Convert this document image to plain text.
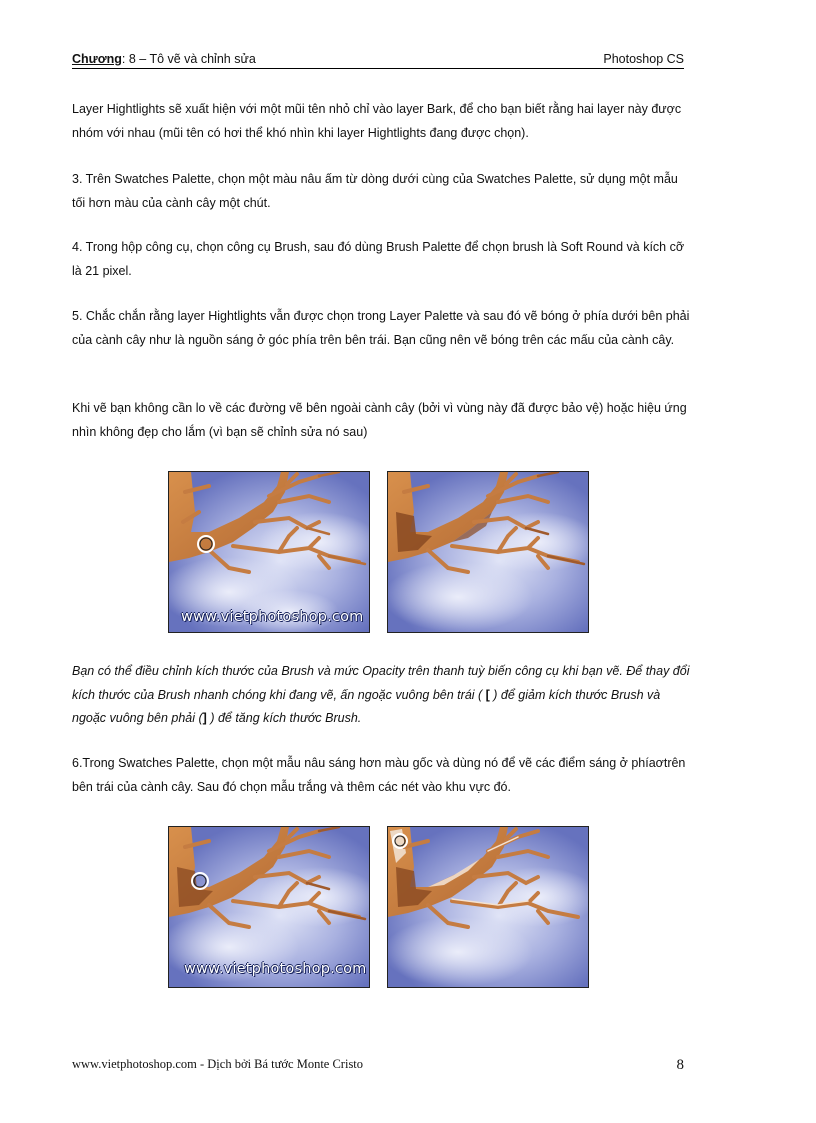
Chương: 8 – Tô vẽ và chỉnh sửa	Photoshop CS

Layer Hightlights sẽ xuất hiện với một mũi tên nhỏ chỉ vào layer Bark, để cho bạn biết rằng hai layer này được nhóm với nhau (mũi tên có hơi thể khó nhìn khi layer Hightlights đang được chọn).

3. Trên Swatches Palette, chọn một màu nâu ấm từ dòng dưới cùng của Swatches Palette, sử dụng một mẫu tối hơn màu của cành cây một chút.

4. Trong hộp công cụ, chọn công cụ Brush, sau đó dùng Brush Palette để chọn brush là Soft Round và kích cỡ là 21 pixel.

5. Chắc chắn rằng layer Hightlights vẫn được chọn trong Layer Palette và sau đó vẽ bóng ở phía dưới bên phải của cành cây như là nguồn sáng ở góc phía trên bên trái. Bạn cũng nên vẽ bóng trên các mấu của cành cây.

Khi vẽ bạn không cần lo về các đường vẽ bên ngoài cành cây (bởi vì vùng này đã được bảo vệ) hoặc hiệu ứng nhìn không đẹp cho lắm (vì bạn sẽ chỉnh sửa nó sau)

www.vietphotoshop.com

Bạn có thể điều chỉnh kích thước của Brush và mức Opacity trên thanh tuỳ biến công cụ khi bạn vẽ. Để thay đổi kích thước của Brush nhanh chóng khi đang vẽ, ấn ngoặc vuông bên trái ( [ ) để giảm kích thước Brush và ngoặc vuông bên phải (] ) để tăng kích thước Brush.

6.Trong Swatches Palette, chọn một mẫu nâu sáng hơn màu gốc và dùng nó để vẽ các điểm sáng ở phíaơtrên bên trái của cành cây. Sau đó chọn mẫu trắng và thêm các nét vào khu vực đó.

www.vietphotoshop.com
www.vietphotoshop.com - Dịch bởi Bá tước Monte Cristo	8
